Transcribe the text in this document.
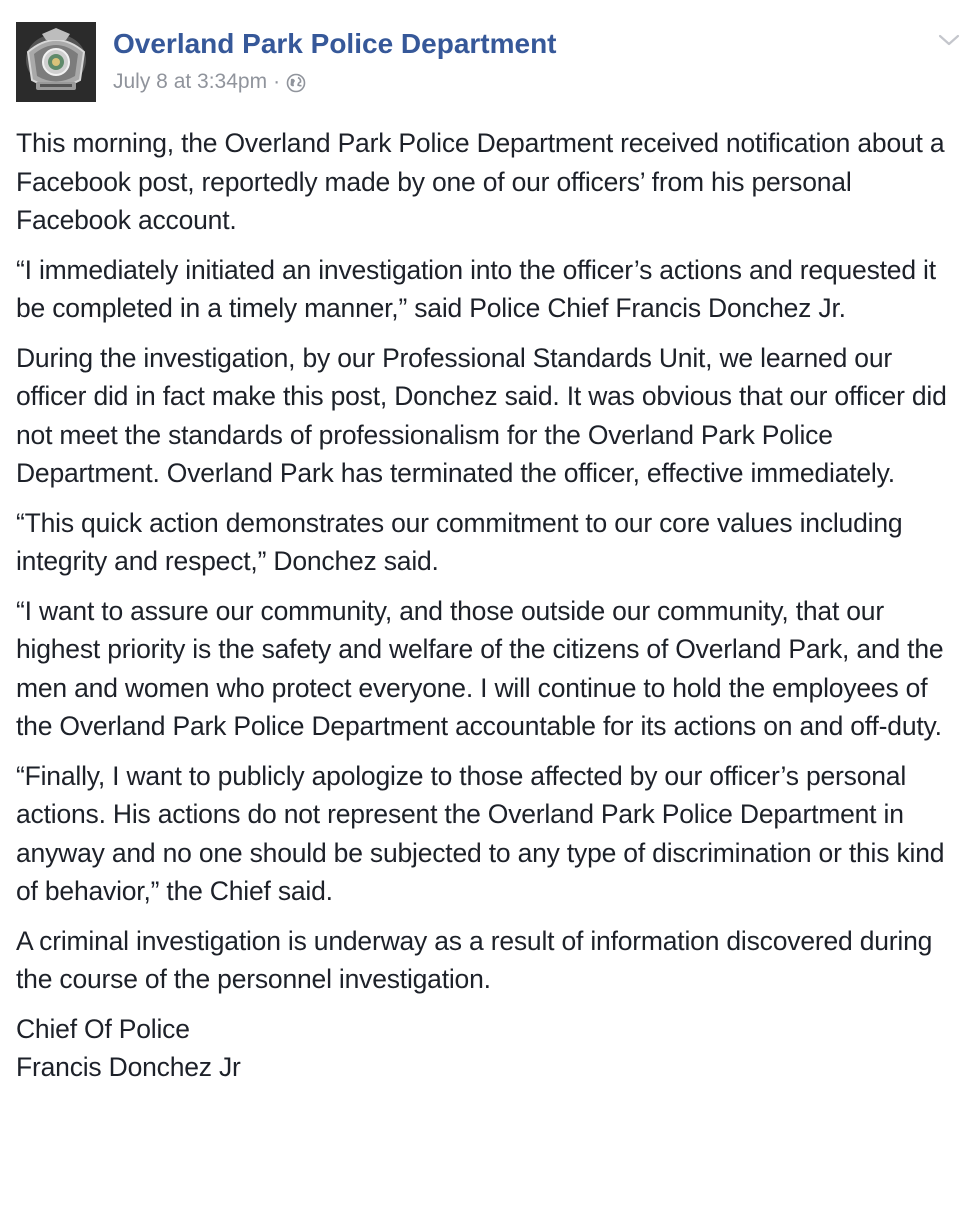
Overland Park Police Department
July 8 at 3:34pm ·

This morning, the Overland Park Police Department received notification about a Facebook post, reportedly made by one of our officers’ from his personal Facebook account.

“I immediately initiated an investigation into the officer’s actions and requested it be completed in a timely manner,” said Police Chief Francis Donchez Jr.

During the investigation, by our Professional Standards Unit, we learned our officer did in fact make this post, Donchez said. It was obvious that our officer did not meet the standards of professionalism for the Overland Park Police Department. Overland Park has terminated the officer, effective immediately.

“This quick action demonstrates our commitment to our core values including integrity and respect,” Donchez said.

“I want to assure our community, and those outside our community, that our highest priority is the safety and welfare of the citizens of Overland Park, and the men and women who protect everyone. I will continue to hold the employees of the Overland Park Police Department accountable for its actions on and off-duty.

“Finally, I want to publicly apologize to those affected by our officer’s personal actions. His actions do not represent the Overland Park Police Department in anyway and no one should be subjected to any type of discrimination or this kind of behavior,” the Chief said.

A criminal investigation is underway as a result of information discovered during the course of the personnel investigation.

Chief Of Police
Francis Donchez Jr
